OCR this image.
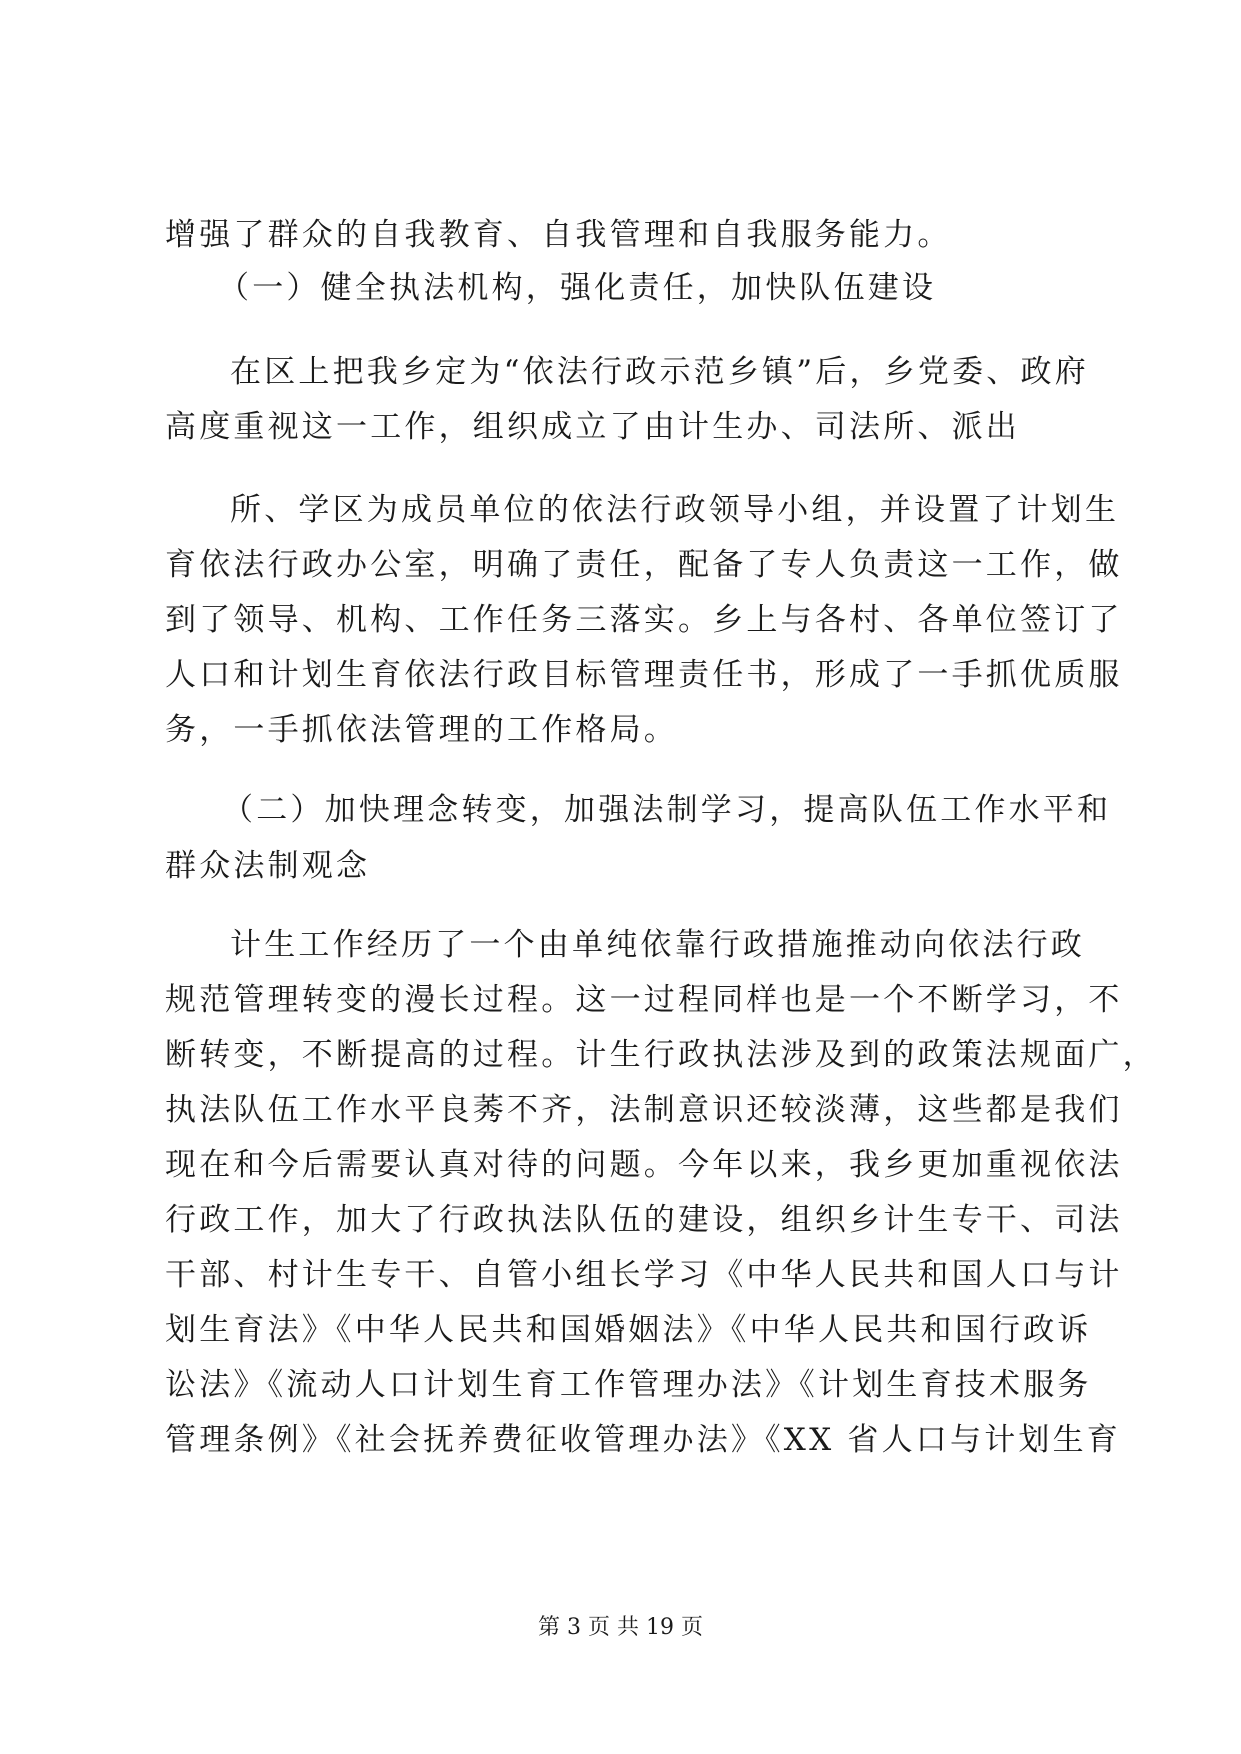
增强了群众的自我教育、自我管理和自我服务能力。
（一）健全执法机构，强化责任，加快队伍建设
在区上把我乡定为“依法行政示范乡镇”后，乡党委、政府
高度重视这一工作，组织成立了由计生办、司法所、派出
所、学区为成员单位的依法行政领导小组，并设置了计划生
育依法行政办公室，明确了责任，配备了专人负责这一工作，做
到了领导、机构、工作任务三落实。乡上与各村、各单位签订了
人口和计划生育依法行政目标管理责任书，形成了一手抓优质服
务，一手抓依法管理的工作格局。
（二）加快理念转变，加强法制学习，提高队伍工作水平和
群众法制观念
计生工作经历了一个由单纯依靠行政措施推动向依法行政
规范管理转变的漫长过程。这一过程同样也是一个不断学习，不
断转变，不断提高的过程。计生行政执法涉及到的政策法规面广，
执法队伍工作水平良莠不齐，法制意识还较淡薄，这些都是我们
现在和今后需要认真对待的问题。今年以来，我乡更加重视依法
行政工作，加大了行政执法队伍的建设，组织乡计生专干、司法
干部、村计生专干、自管小组长学习《中华人民共和国人口与计
划生育法》《中华人民共和国婚姻法》《中华人民共和国行政诉
讼法》《流动人口计划生育工作管理办法》《计划生育技术服务
管理条例》《社会抚养费征收管理办法》《XX 省人口与计划生育
第 3 页 共 19 页
